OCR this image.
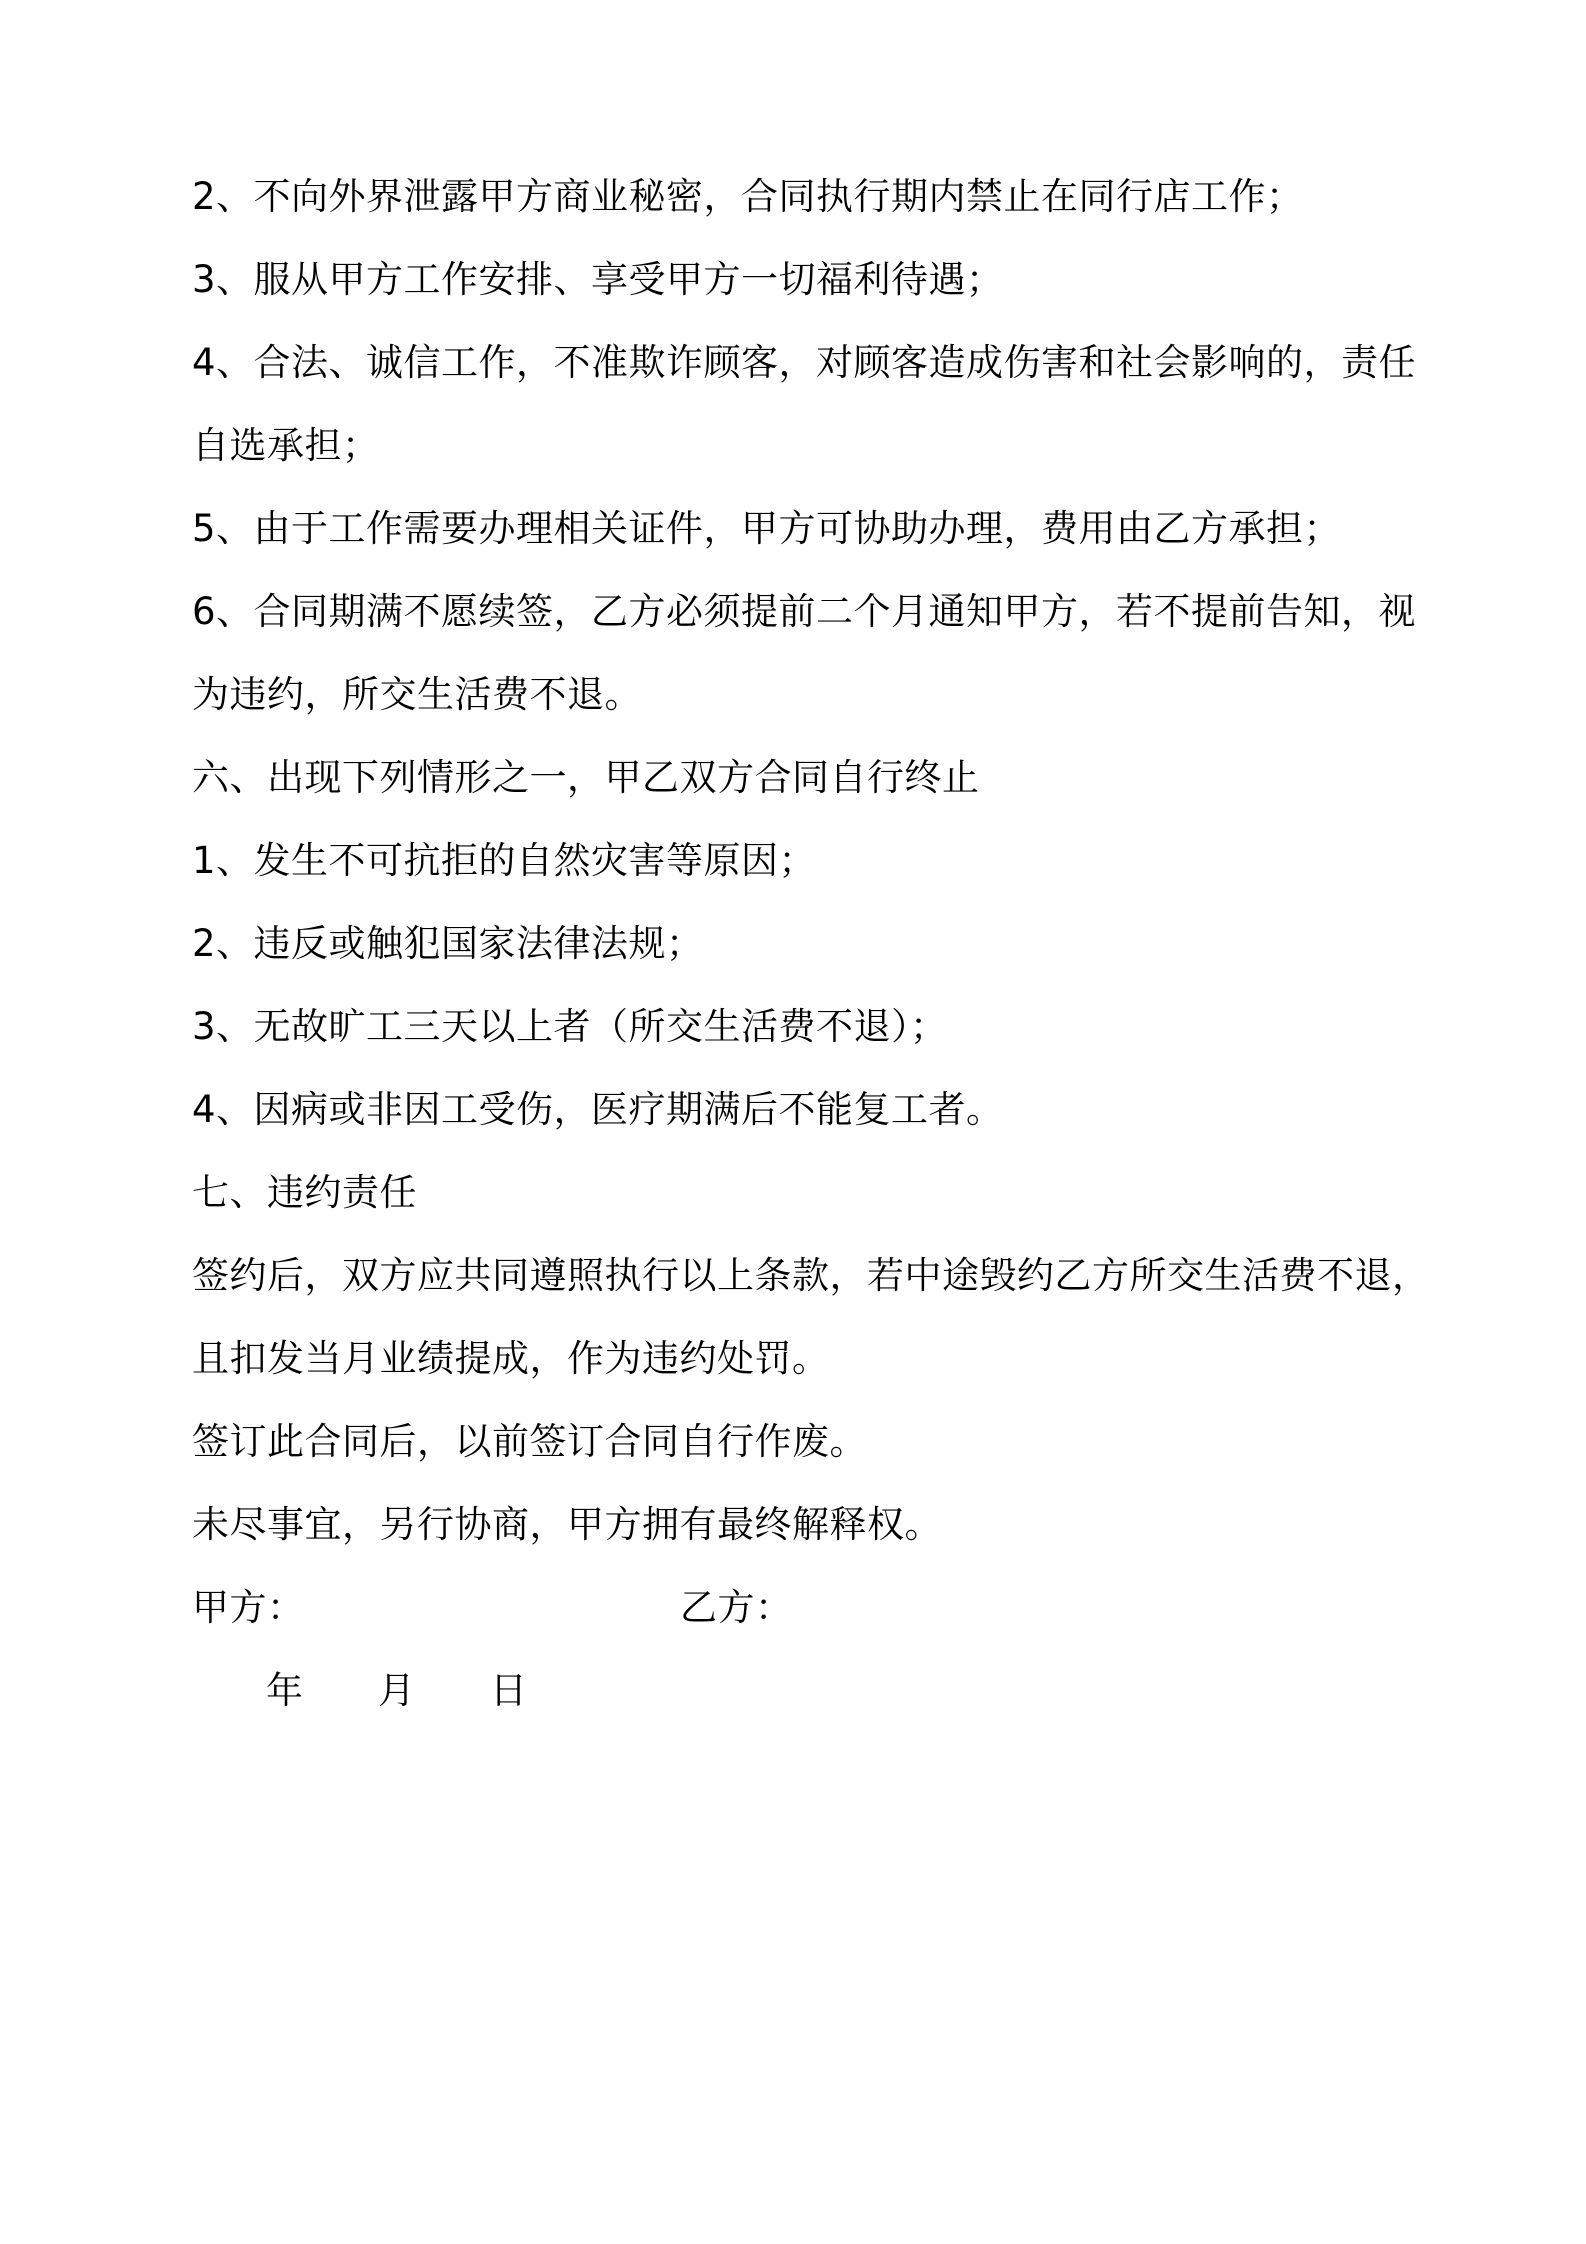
2、不向外界泄露甲方商业秘密，合同执行期内禁止在同行店工作；
3、服从甲方工作安排、享受甲方一切福利待遇；
4、合法、诚信工作，不准欺诈顾客，对顾客造成伤害和社会影响的，责任
自选承担；
5、由于工作需要办理相关证件，甲方可协助办理，费用由乙方承担；
6、合同期满不愿续签，乙方必须提前二个月通知甲方，若不提前告知，视
为违约，所交生活费不退。
六、出现下列情形之一，甲乙双方合同自行终止
1、发生不可抗拒的自然灾害等原因；
2、违反或触犯国家法律法规；
3、无故旷工三天以上者（所交生活费不退）；
4、因病或非因工受伤，医疗期满后不能复工者。
七、违约责任
签约后，双方应共同遵照执行以上条款，若中途毁约乙方所交生活费不退，
且扣发当月业绩提成，作为违约处罚。
签订此合同后，以前签订合同自行作废。
未尽事宜，另行协商，甲方拥有最终解释权。
甲方：	乙方：
年 月 日
